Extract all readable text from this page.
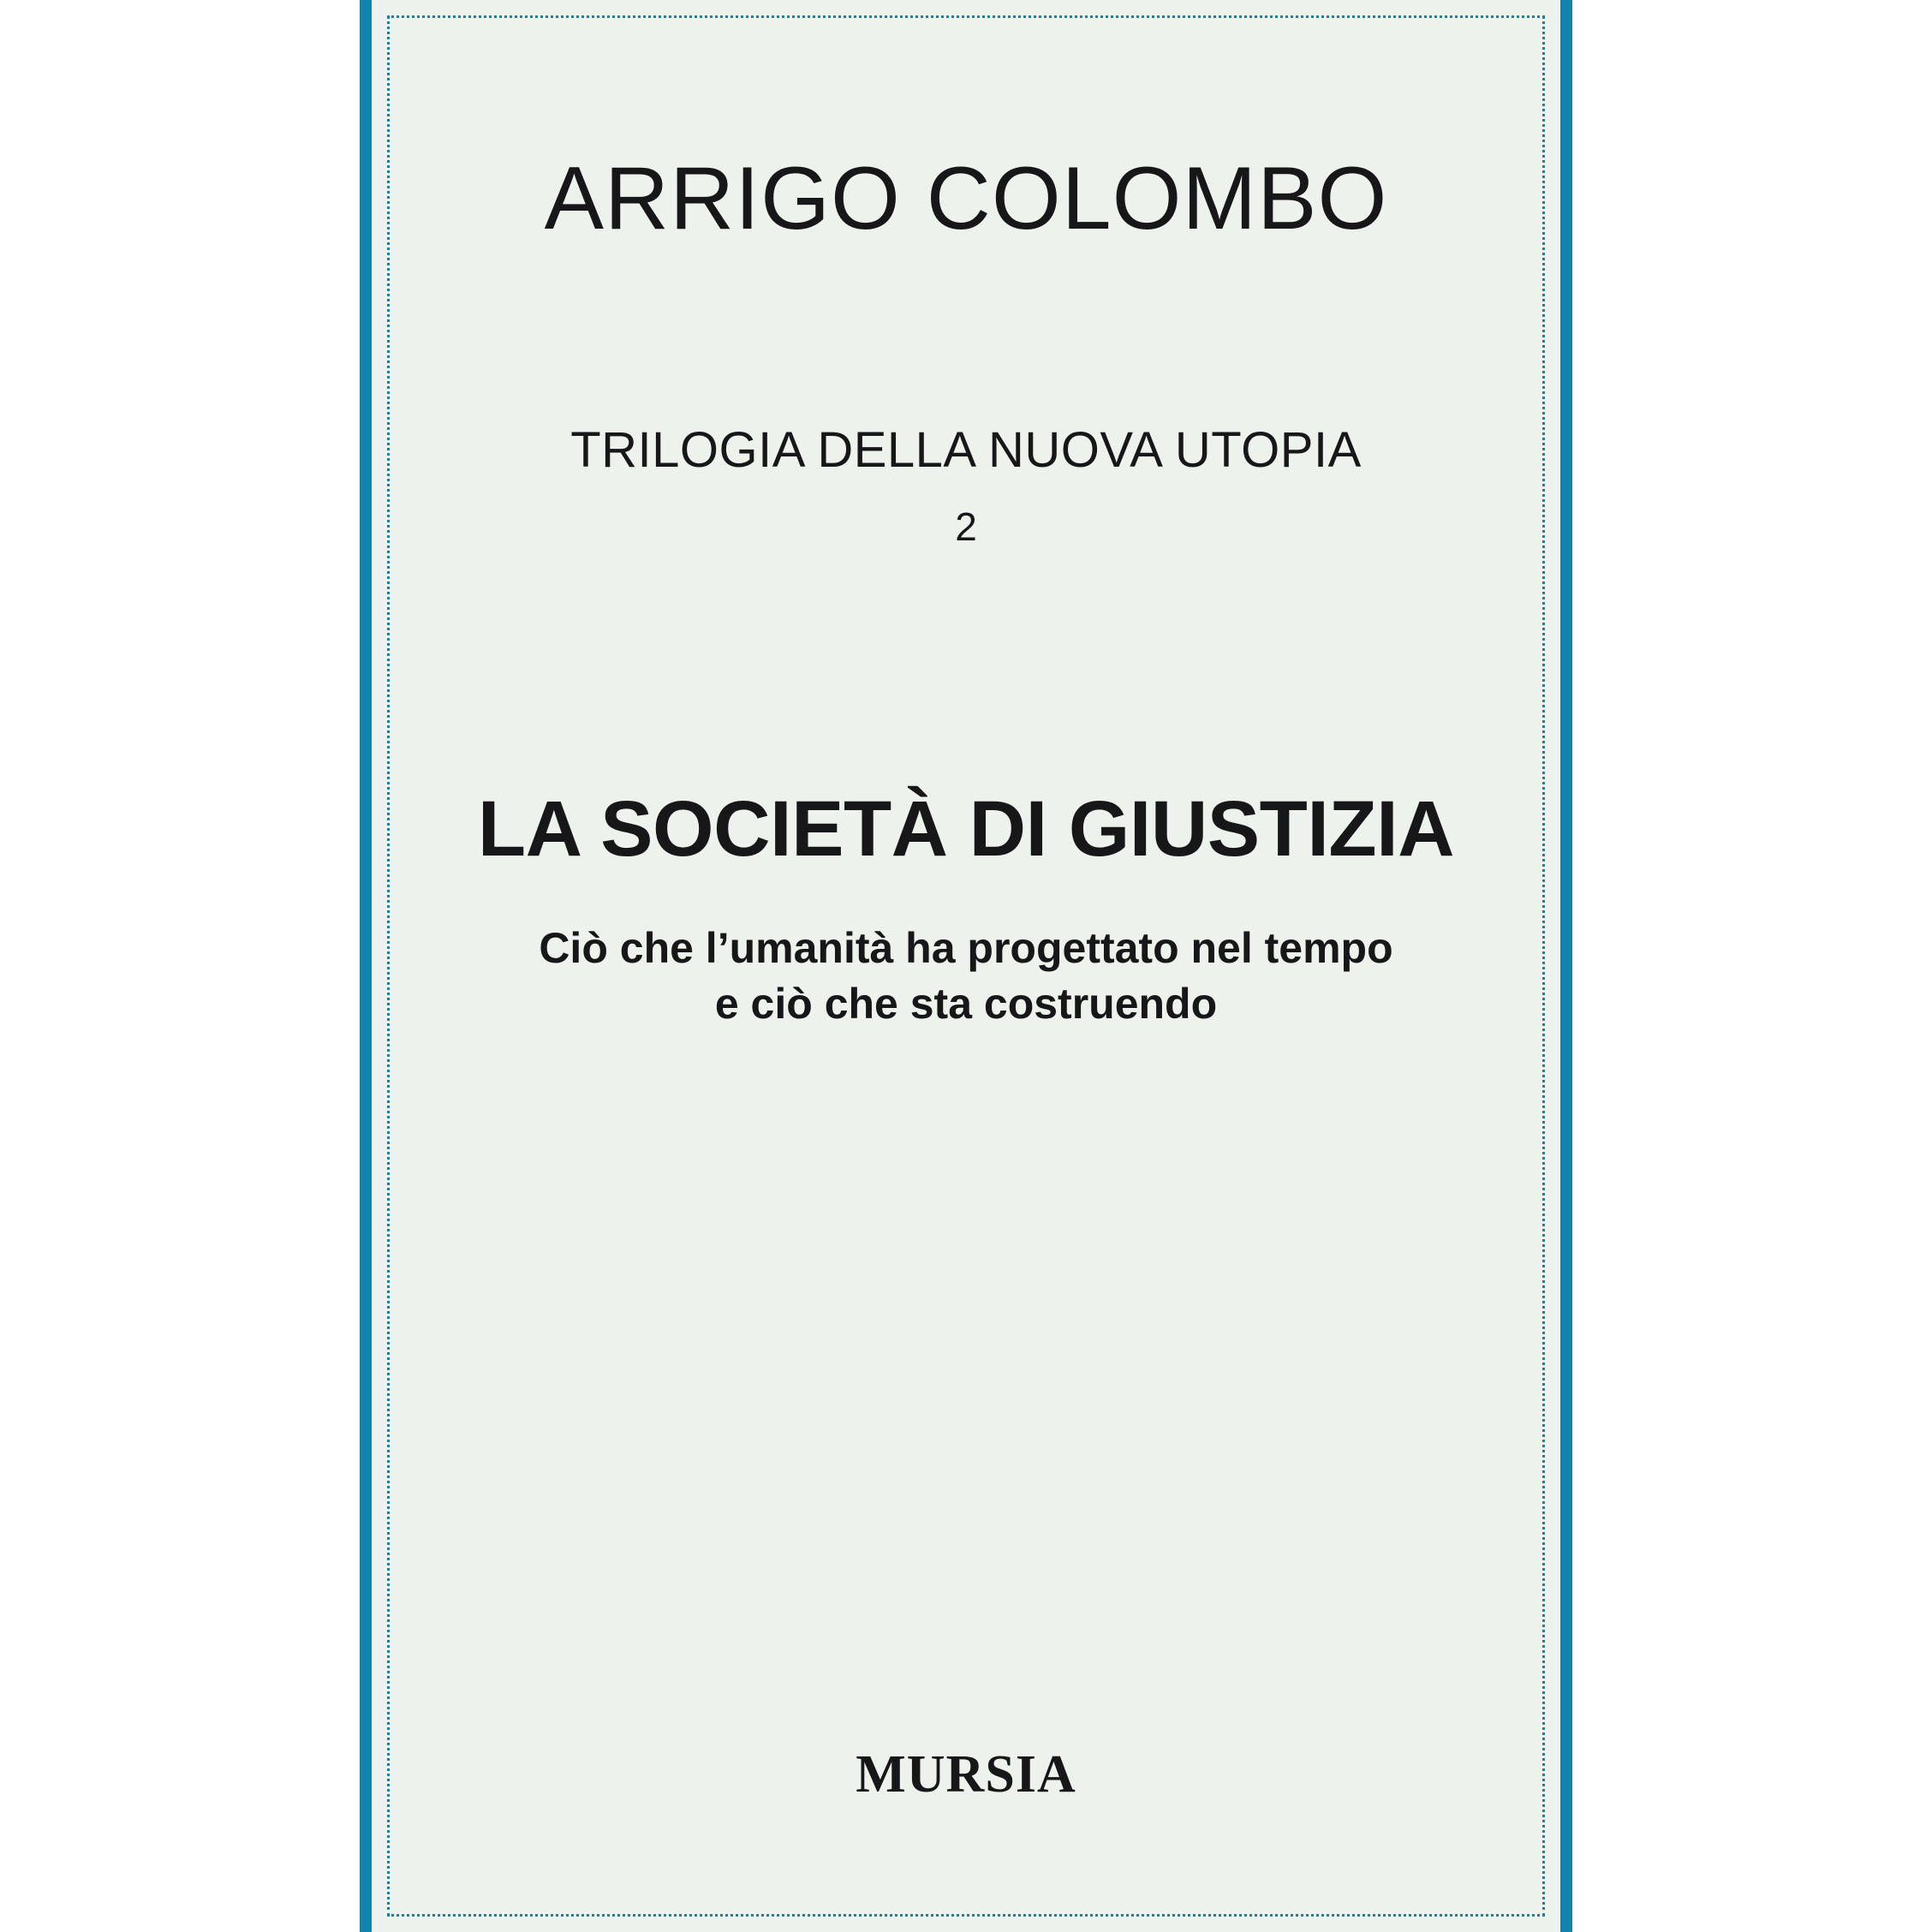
ARRIGO COLOMBO
TRILOGIA DELLA NUOVA UTOPIA
2
LA SOCIETÀ DI GIUSTIZIA
Ciò che l’umanità ha progettato nel tempo
e ciò che sta costruendo
MURSIA
